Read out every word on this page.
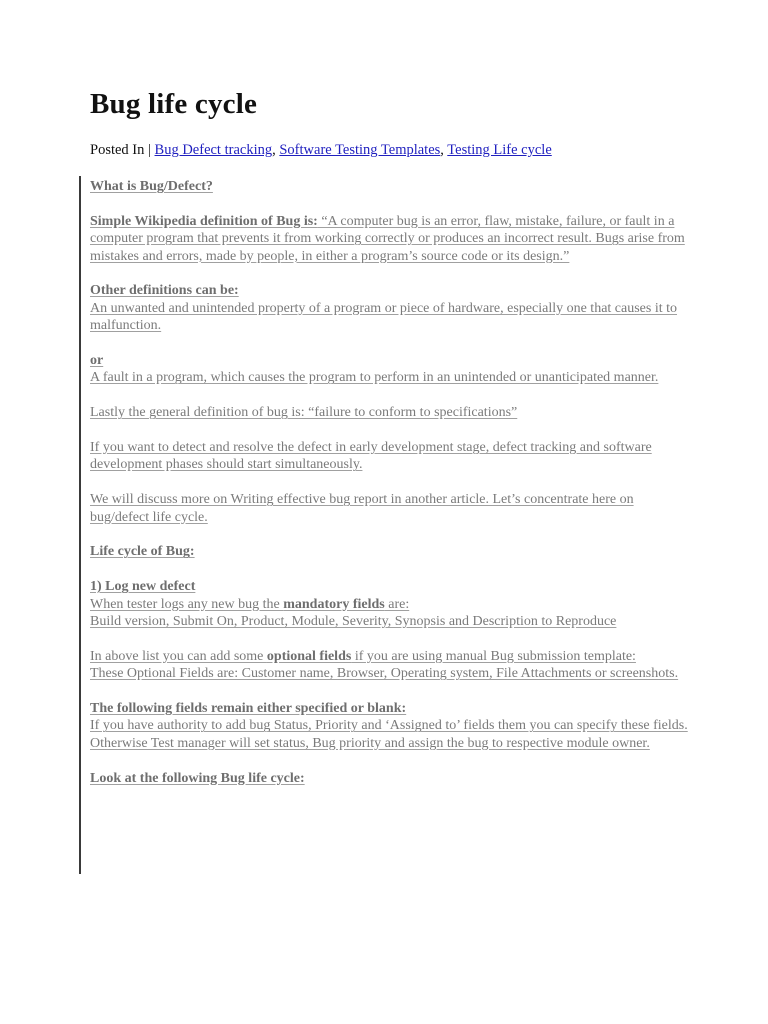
Bug life cycle
Posted In | Bug Defect tracking, Software Testing Templates, Testing Life cycle

What is Bug/Defect?

Simple Wikipedia definition of Bug is: “A computer bug is an error, flaw, mistake, failure, or fault in a computer program that prevents it from working correctly or produces an incorrect result. Bugs arise from mistakes and errors, made by people, in either a program’s source code or its design.”

Other definitions can be:
An unwanted and unintended property of a program or piece of hardware, especially one that causes it to malfunction.

or
A fault in a program, which causes the program to perform in an unintended or unanticipated manner.

Lastly the general definition of bug is: “failure to conform to specifications”

If you want to detect and resolve the defect in early development stage, defect tracking and software development phases should start simultaneously.

We will discuss more on Writing effective bug report in another article. Let’s concentrate here on bug/defect life cycle.

Life cycle of Bug:

1) Log new defect
When tester logs any new bug the mandatory fields are:
Build version, Submit On, Product, Module, Severity, Synopsis and Description to Reproduce

In above list you can add some optional fields if you are using manual Bug submission template:
These Optional Fields are: Customer name, Browser, Operating system, File Attachments or screenshots.

The following fields remain either specified or blank:
If you have authority to add bug Status, Priority and ‘Assigned to’ fields them you can specify these fields. Otherwise Test manager will set status, Bug priority and assign the bug to respective module owner.

Look at the following Bug life cycle:
